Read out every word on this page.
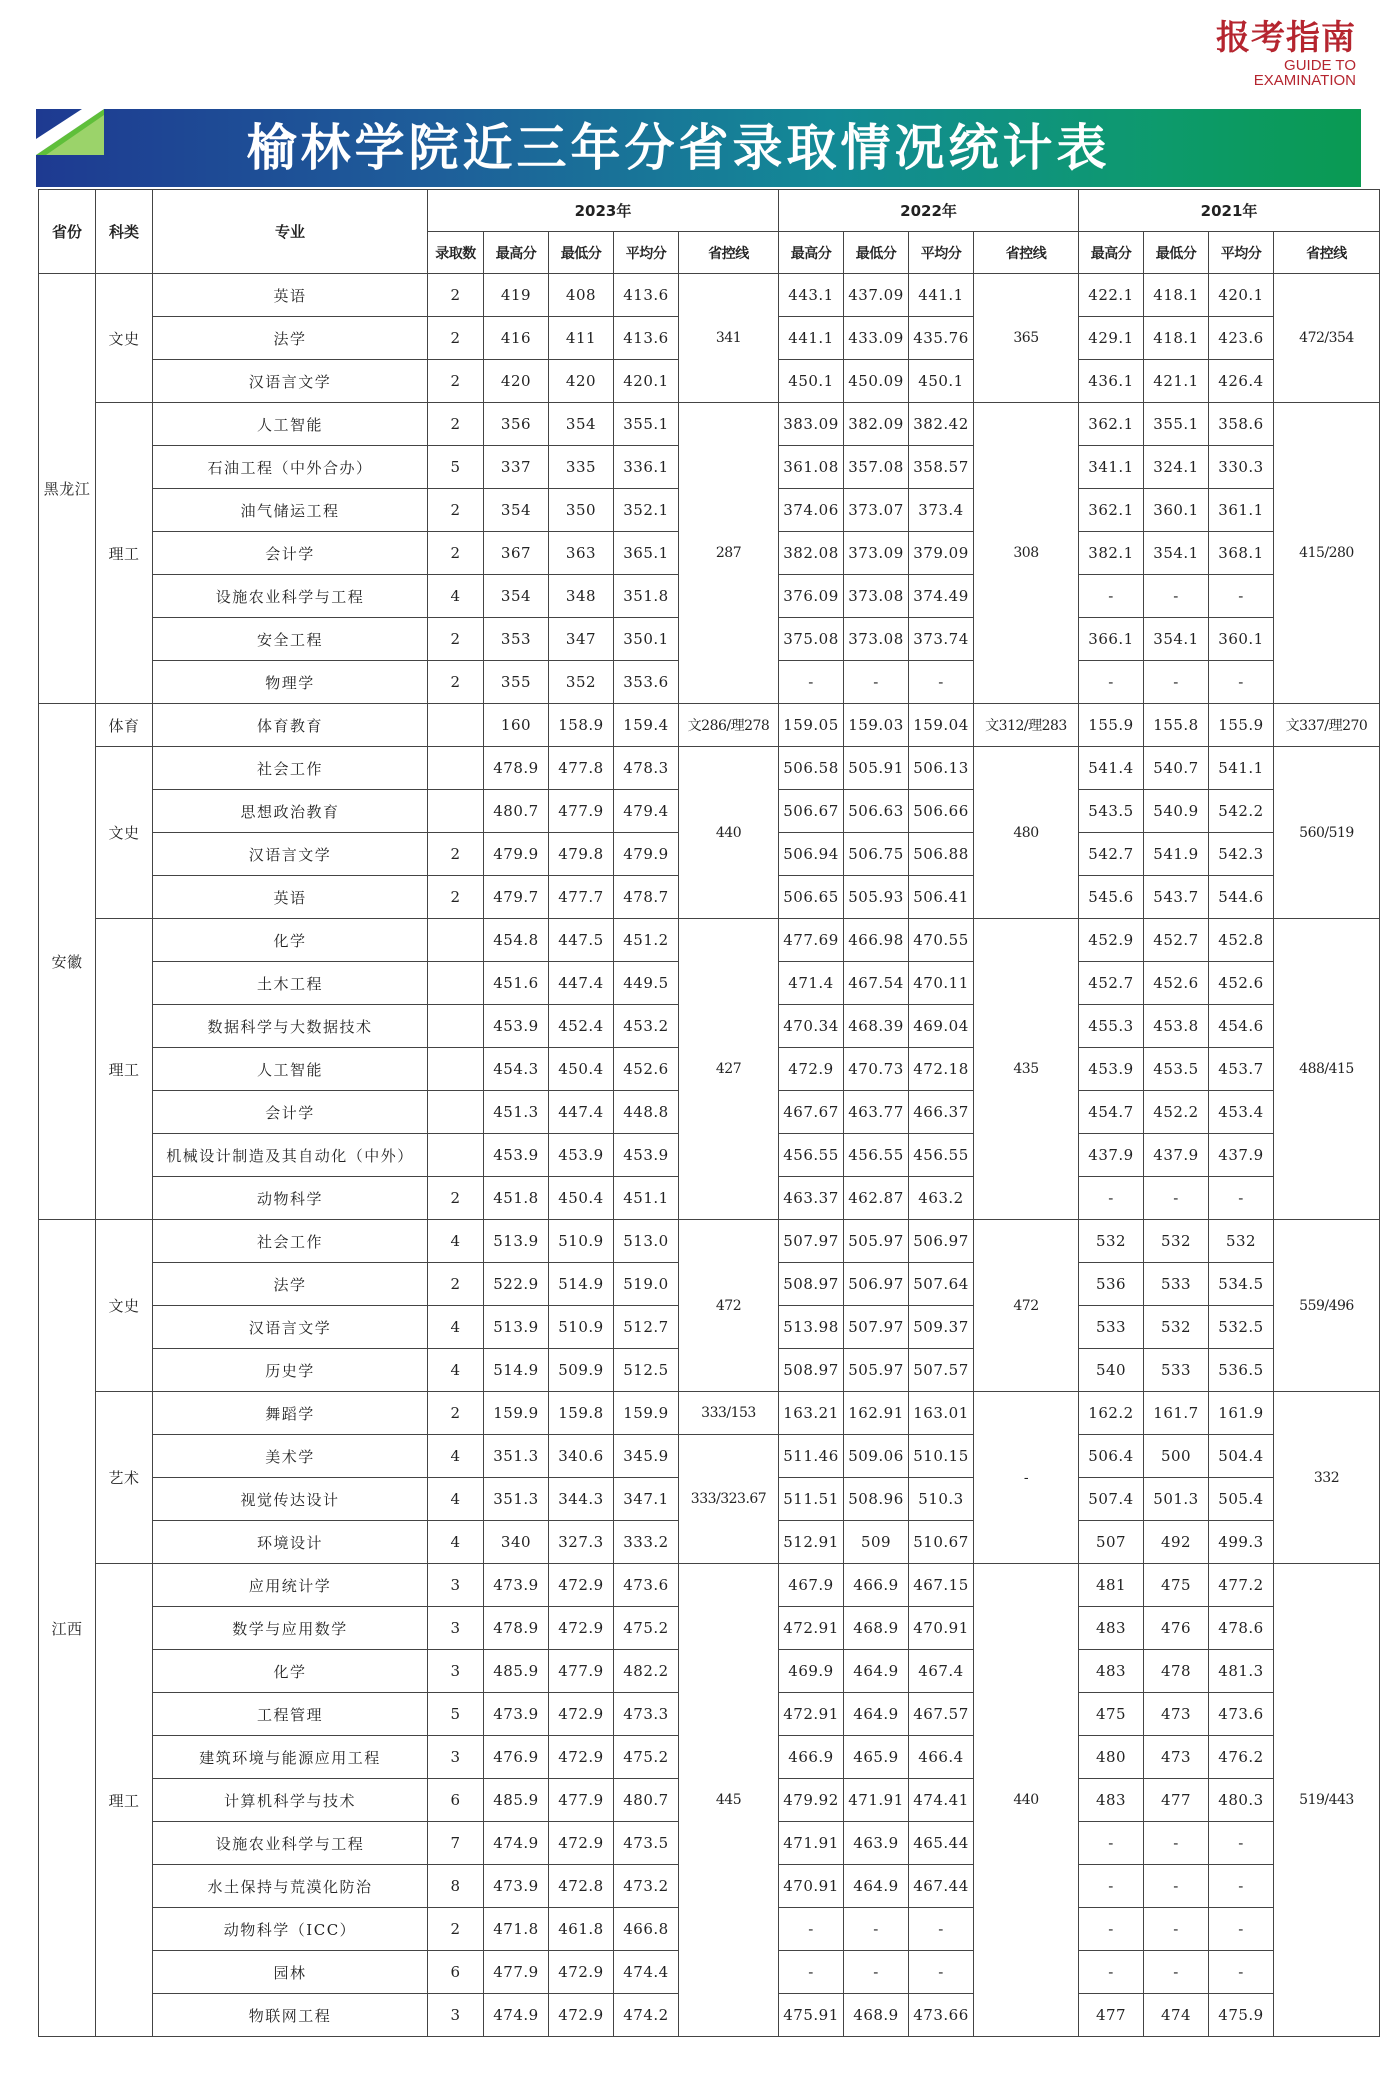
报考指南
GUIDE TO
EXAMINATION
榆林学院近三年分省录取情况统计表
省份	科类	专业	2023年					2022年				2021年			
			录取数	最高分	最低分	平均分	省控线	最高分	最低分	平均分	省控线	最高分	最低分	平均分	省控线
黑龙江	文史	英语	2	419	408	413.6	341	443.1	437.09	441.1	365	422.1	418.1	420.1	472/354
		法学	2	416	411	413.6		441.1	433.09	435.76		429.1	418.1	423.6	
		汉语言文学	2	420	420	420.1		450.1	450.09	450.1		436.1	421.1	426.4	
	理工	人工智能	2	356	354	355.1	287	383.09	382.09	382.42	308	362.1	355.1	358.6	415/280
		石油工程（中外合办）	5	337	335	336.1		361.08	357.08	358.57		341.1	324.1	330.3	
		油气储运工程	2	354	350	352.1		374.06	373.07	373.4		362.1	360.1	361.1	
		会计学	2	367	363	365.1		382.08	373.09	379.09		382.1	354.1	368.1	
		设施农业科学与工程	4	354	348	351.8		376.09	373.08	374.49		-	-	-	
		安全工程	2	353	347	350.1		375.08	373.08	373.74		366.1	354.1	360.1	
		物理学	2	355	352	353.6		-	-	-		-	-	-	
安徽	体育	体育教育		160	158.9	159.4	文286/理278	159.05	159.03	159.04	文312/理283	155.9	155.8	155.9	文337/理270
	文史	社会工作		478.9	477.8	478.3	440	506.58	505.91	506.13	480	541.4	540.7	541.1	560/519
		思想政治教育		480.7	477.9	479.4		506.67	506.63	506.66		543.5	540.9	542.2	
		汉语言文学	2	479.9	479.8	479.9		506.94	506.75	506.88		542.7	541.9	542.3	
		英语	2	479.7	477.7	478.7		506.65	505.93	506.41		545.6	543.7	544.6	
	理工	化学		454.8	447.5	451.2	427	477.69	466.98	470.55	435	452.9	452.7	452.8	488/415
		土木工程		451.6	447.4	449.5		471.4	467.54	470.11		452.7	452.6	452.6	
		数据科学与大数据技术		453.9	452.4	453.2		470.34	468.39	469.04		455.3	453.8	454.6	
		人工智能		454.3	450.4	452.6		472.9	470.73	472.18		453.9	453.5	453.7	
		会计学		451.3	447.4	448.8		467.67	463.77	466.37		454.7	452.2	453.4	
		机械设计制造及其自动化（中外）		453.9	453.9	453.9		456.55	456.55	456.55		437.9	437.9	437.9	
		动物科学	2	451.8	450.4	451.1		463.37	462.87	463.2		-	-	-	
江西	文史	社会工作	4	513.9	510.9	513.0	472	507.97	505.97	506.97	472	532	532	532	559/496
		法学	2	522.9	514.9	519.0		508.97	506.97	507.64		536	533	534.5	
		汉语言文学	4	513.9	510.9	512.7		513.98	507.97	509.37		533	532	532.5	
		历史学	4	514.9	509.9	512.5		508.97	505.97	507.57		540	533	536.5	
	艺术	舞蹈学	2	159.9	159.8	159.9	333/153	163.21	162.91	163.01	-	162.2	161.7	161.9	332
		美术学	4	351.3	340.6	345.9	333/323.67	511.46	509.06	510.15		506.4	500	504.4	
		视觉传达设计	4	351.3	344.3	347.1		511.51	508.96	510.3		507.4	501.3	505.4	
		环境设计	4	340	327.3	333.2		512.91	509	510.67		507	492	499.3	
	理工	应用统计学	3	473.9	472.9	473.6	445	467.9	466.9	467.15	440	481	475	477.2	519/443
		数学与应用数学	3	478.9	472.9	475.2		472.91	468.9	470.91		483	476	478.6	
		化学	3	485.9	477.9	482.2		469.9	464.9	467.4		483	478	481.3	
		工程管理	5	473.9	472.9	473.3		472.91	464.9	467.57		475	473	473.6	
		建筑环境与能源应用工程	3	476.9	472.9	475.2		466.9	465.9	466.4		480	473	476.2	
		计算机科学与技术	6	485.9	477.9	480.7		479.92	471.91	474.41		483	477	480.3	
		设施农业科学与工程	7	474.9	472.9	473.5		471.91	463.9	465.44		-	-	-	
		水土保持与荒漠化防治	8	473.9	472.8	473.2		470.91	464.9	467.44		-	-	-	
		动物科学（ICC）	2	471.8	461.8	466.8		-	-	-		-	-	-	
		园林	6	477.9	472.9	474.4		-	-	-		-	-	-	
		物联网工程	3	474.9	472.9	474.2		475.91	468.9	473.66		477	474	475.9	
